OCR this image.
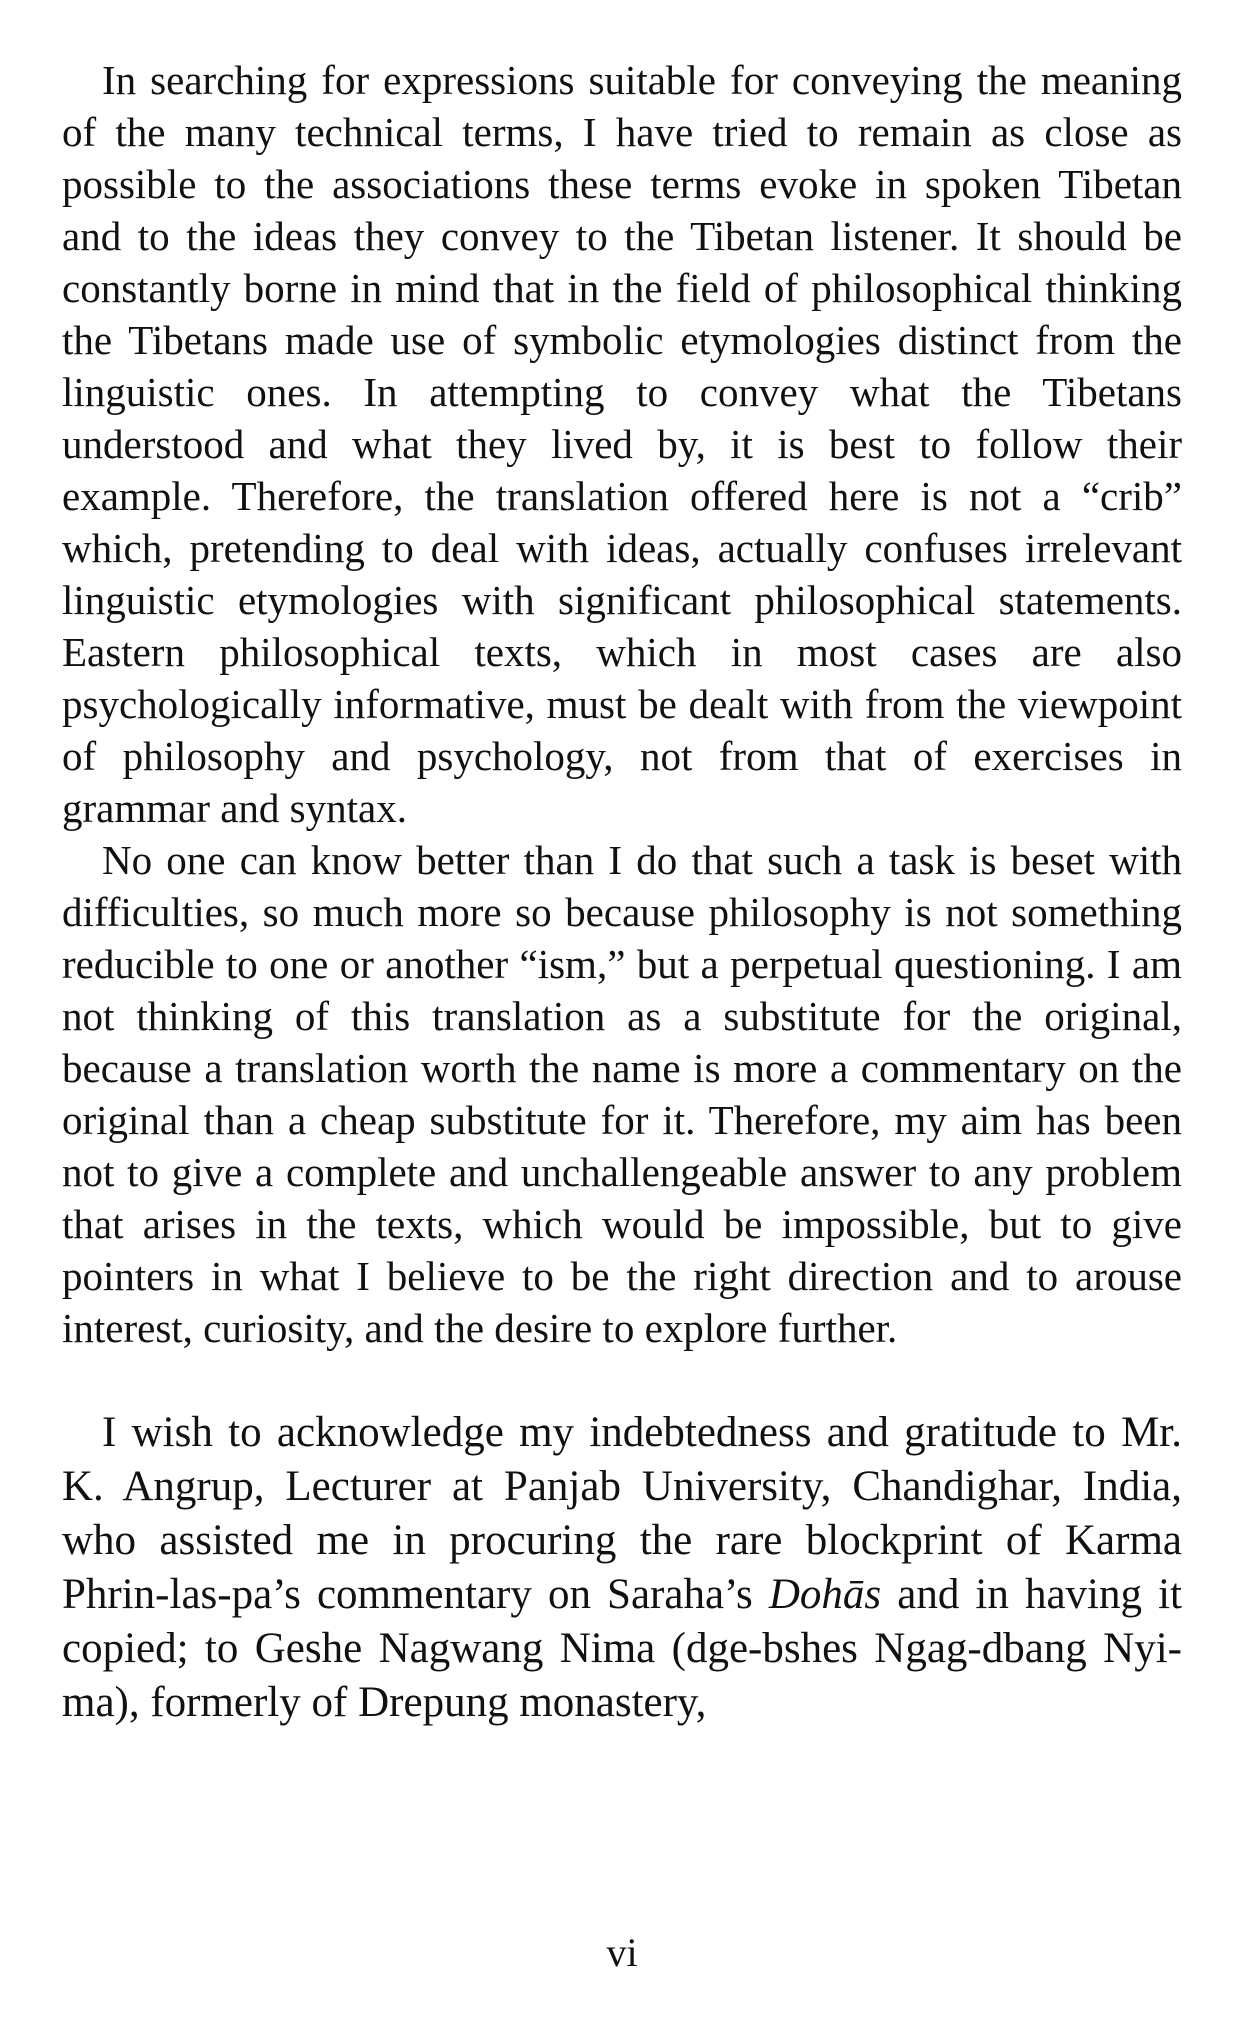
In searching for expressions suitable for conveying the meaning of the many technical terms, I have tried to remain as close as possible to the associations these terms evoke in spoken Tibetan and to the ideas they convey to the Tibetan listener. It should be constantly borne in mind that in the field of philosophical thinking the Tibetans made use of symbolic etymologies distinct from the linguistic ones. In attempting to convey what the Tibetans understood and what they lived by, it is best to follow their example. Therefore, the translation offered here is not a “crib” which, pretending to deal with ideas, actually confuses irrelevant linguistic etymologies with significant philosophical statements. Eastern philosophical texts, which in most cases are also psychologically informative, must be dealt with from the viewpoint of philosophy and psychology, not from that of exercises in grammar and syntax.

No one can know better than I do that such a task is beset with difficulties, so much more so because philosophy is not something reducible to one or another “ism,” but a perpetual questioning. I am not thinking of this translation as a substitute for the original, because a translation worth the name is more a commentary on the original than a cheap substitute for it. Therefore, my aim has been not to give a complete and unchallengeable answer to any problem that arises in the texts, which would be impossible, but to give pointers in what I believe to be the right direction and to arouse interest, curiosity, and the desire to explore further.

I wish to acknowledge my indebtedness and gratitude to Mr. K. Angrup, Lecturer at Panjab University, Chandighar, India, who assisted me in procuring the rare blockprint of Karma Phrin-las-pa’s commentary on Saraha’s Dohās and in having it copied; to Geshe Nagwang Nima (dge-bshes Ngag-dbang Nyi-ma), formerly of Drepung monastery,

vi
